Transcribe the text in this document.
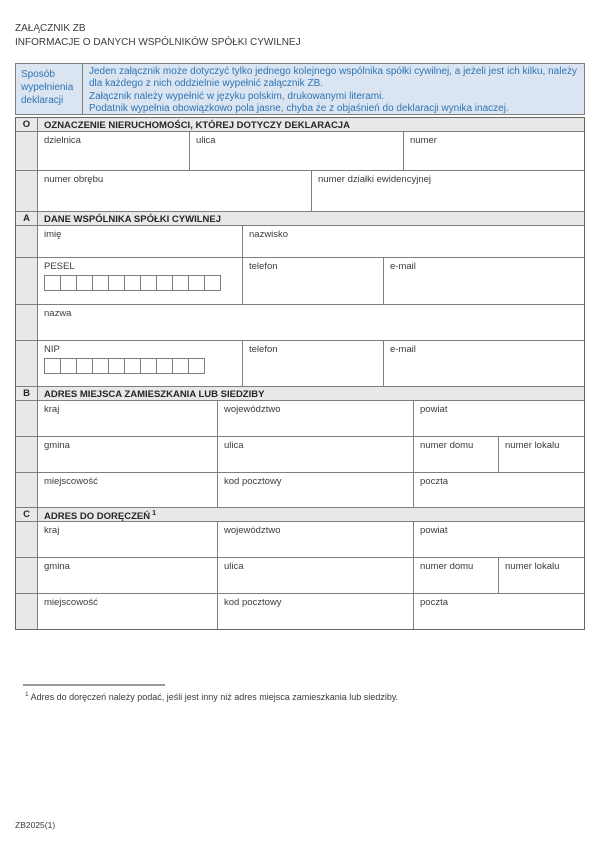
ZAŁĄCZNIK ZB
INFORMACJE O DANYCH WSPÓLNIKÓW SPÓŁKI CYWILNEJ
Sposób wypełnienia deklaracji
Jeden załącznik może dotyczyć tylko jednego kolejnego wspólnika spółki cywilnej, a jeżeli jest ich kilku, należy dla każdego z nich oddzielnie wypełnić załącznik ZB.
Załącznik należy wypełnić w języku polskim, drukowanymi literami.
Podatnik wypełnia obowiązkowo pola jasne, chyba że z objaśnień do deklaracji wynika inaczej.
O	OZNACZENIE NIERUCHOMOŚCI, KTÓREJ DOTYCZY DEKLARACJA
dzielnica	ulica	numer
numer obrębu	numer działki ewidencyjnej
A	DANE WSPÓLNIKA SPÓŁKI CYWILNEJ
imię	nazwisko
PESEL	telefon	e-mail
nazwa
NIP	telefon	e-mail
B	ADRES MIEJSCA ZAMIESZKANIA LUB SIEDZIBY
kraj	województwo	powiat
gmina	ulica	numer domu	numer lokalu
miejscowość	kod pocztowy	poczta
C	ADRES DO DORĘCZEŃ $^1$
kraj	województwo	powiat
gmina	ulica	numer domu	numer lokalu
miejscowość	kod pocztowy	poczta
$^1$ Adres do doręczeń należy podać, jeśli jest inny niż adres miejsca zamieszkania lub siedziby.
ZB2025(1)
